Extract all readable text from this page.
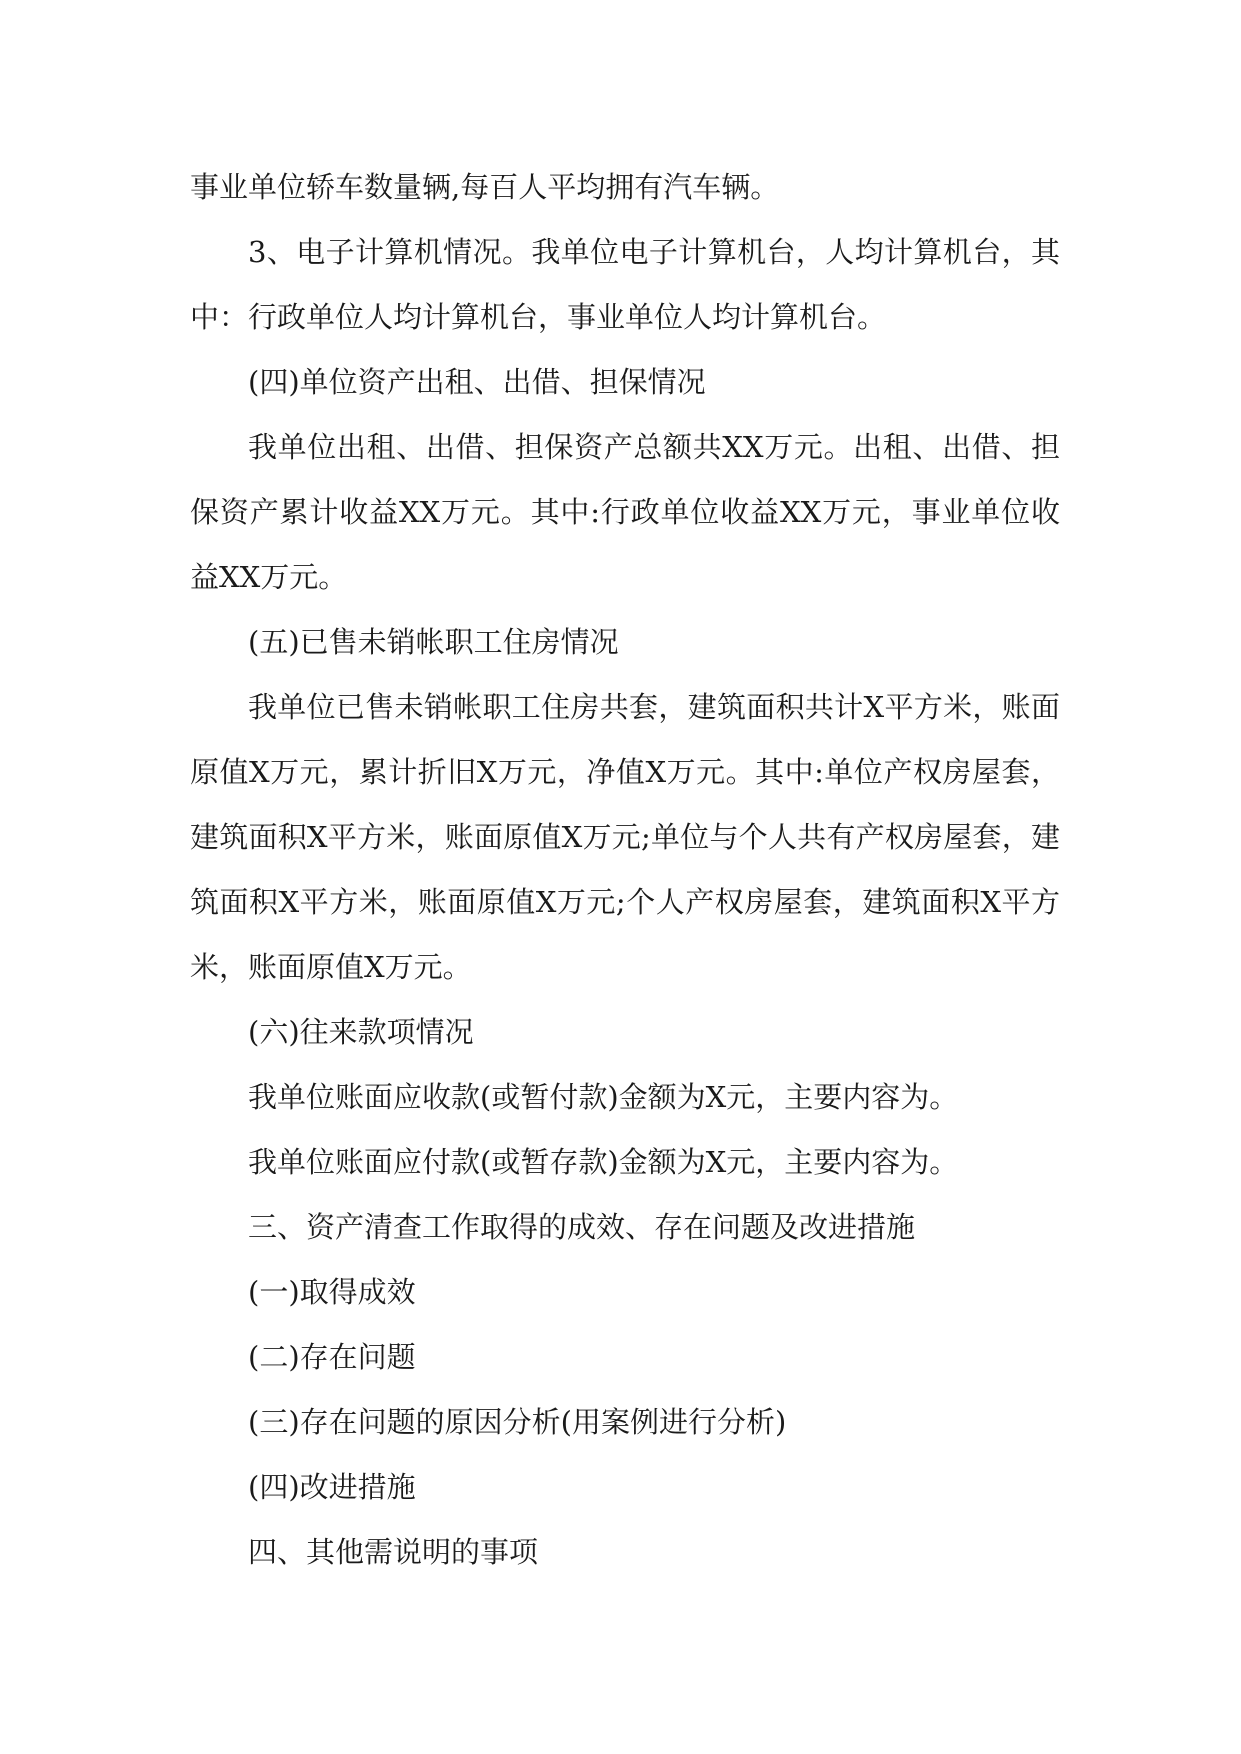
事业单位轿车数量辆,每百人平均拥有汽车辆。

3、电子计算机情况。我单位电子计算机台，人均计算机台，其中：行政单位人均计算机台，事业单位人均计算机台。

(四)单位资产出租、出借、担保情况

我单位出租、出借、担保资产总额共XX万元。出租、出借、担保资产累计收益XX万元。其中:行政单位收益XX万元，事业单位收益XX万元。

(五)已售未销帐职工住房情况

我单位已售未销帐职工住房共套，建筑面积共计X平方米，账面原值X万元，累计折旧X万元，净值X万元。其中:单位产权房屋套，建筑面积X平方米，账面原值X万元;单位与个人共有产权房屋套，建筑面积X平方米，账面原值X万元;个人产权房屋套，建筑面积X平方米，账面原值X万元。

(六)往来款项情况

我单位账面应收款(或暂付款)金额为X元，主要内容为。

我单位账面应付款(或暂存款)金额为X元，主要内容为。

三、资产清查工作取得的成效、存在问题及改进措施

(一)取得成效

(二)存在问题

(三)存在问题的原因分析(用案例进行分析)

(四)改进措施

四、其他需说明的事项
